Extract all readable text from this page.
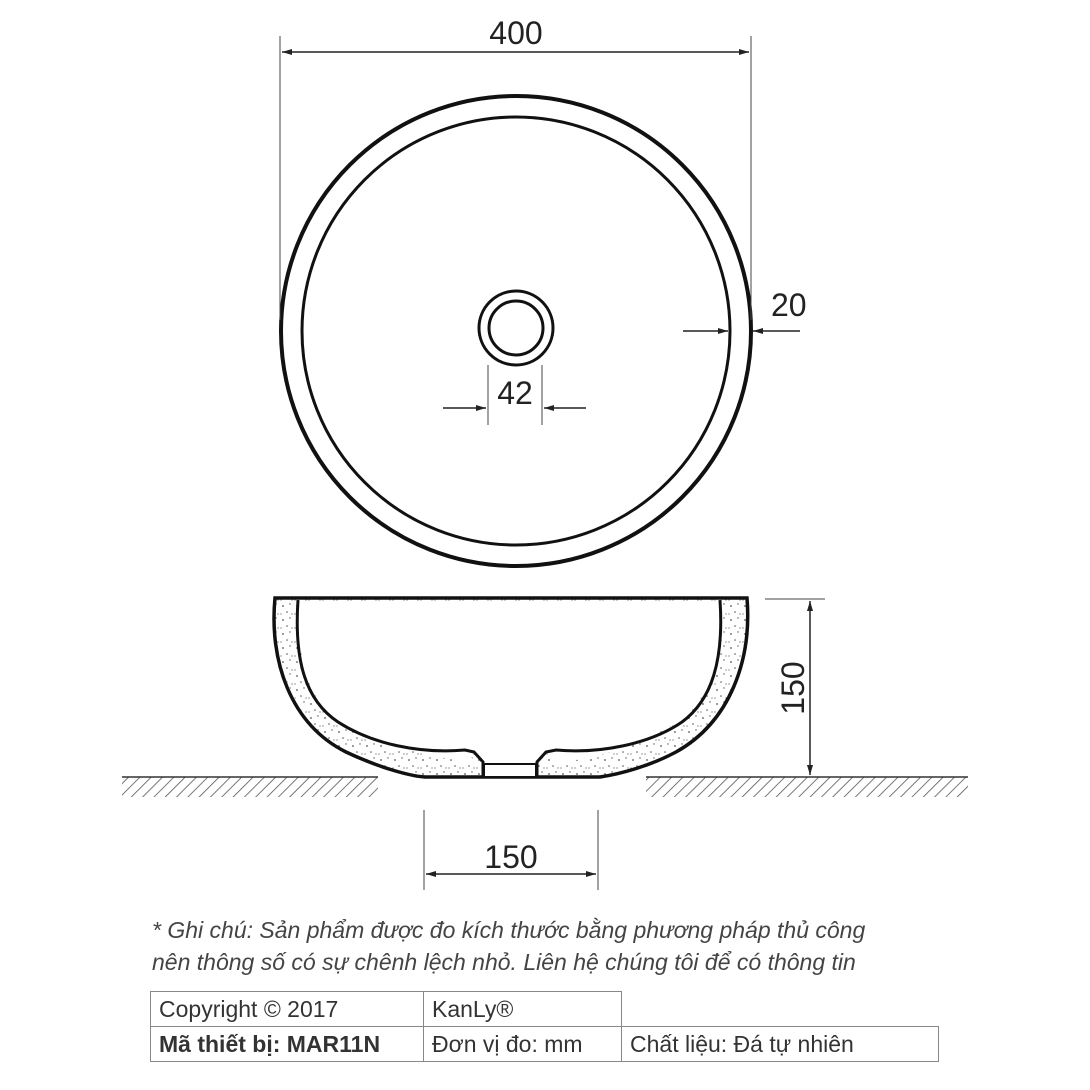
400
20
42
150
150
* Ghi chú: Sản phẩm được đo kích thước bằng phương pháp thủ công
nên thông số có sự chênh lệch nhỏ. Liên hệ chúng tôi để có thông tin
Copyright © 2017	KanLy®	
Mã thiết bị: MAR11N	Đơn vị đo: mm	Chất liệu: Đá tự nhiên
